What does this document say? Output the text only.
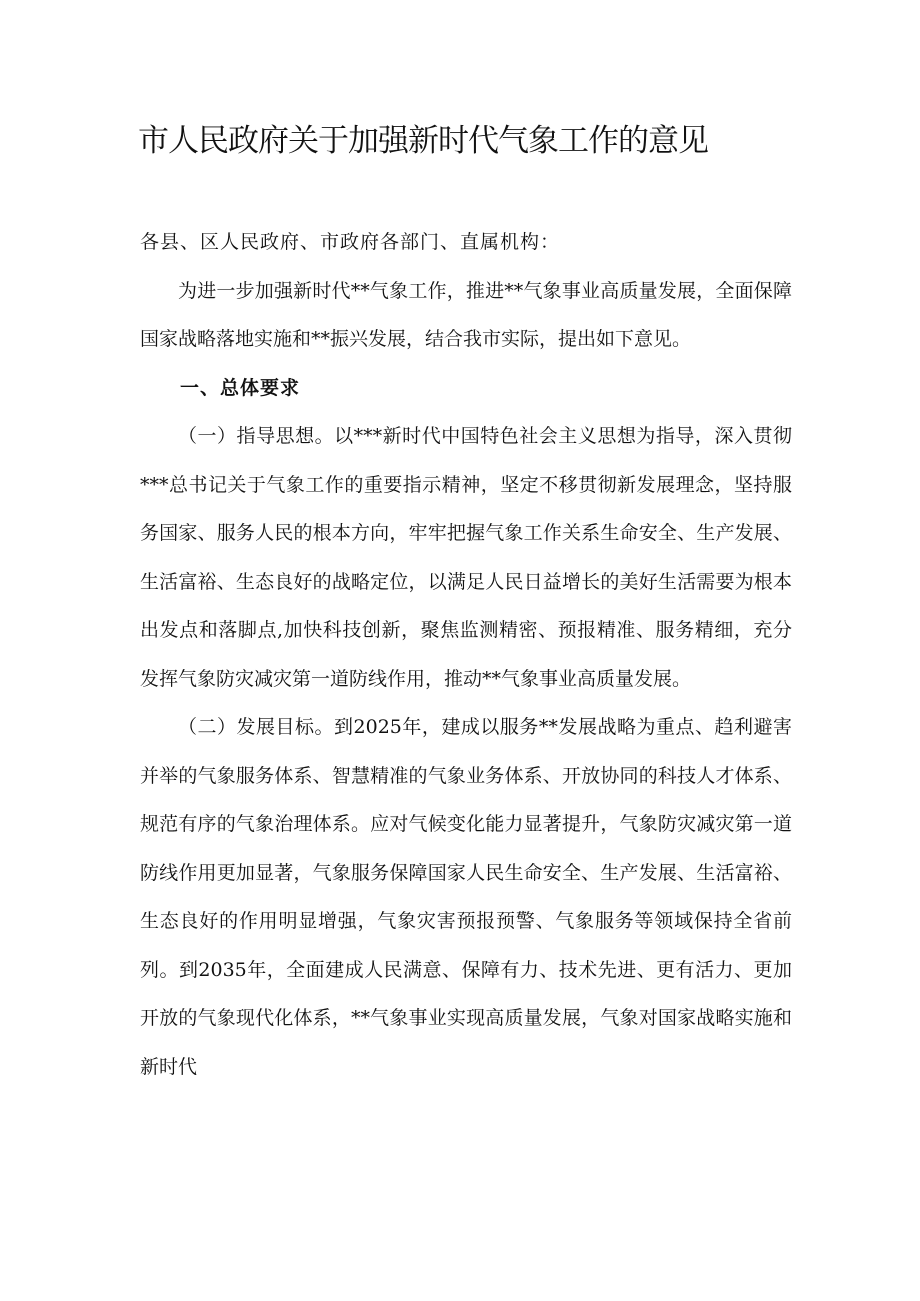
市人民政府关于加强新时代气象工作的意见

各县、区人民政府、市政府各部门、直属机构：

为进一步加强新时代**气象工作，推进**气象事业高质量发展，全面保障国家战略落地实施和**振兴发展，结合我市实际，提出如下意见。

一、总体要求

（一）指导思想。以***新时代中国特色社会主义思想为指导，深入贯彻***总书记关于气象工作的重要指示精神，坚定不移贯彻新发展理念，坚持服务国家、服务人民的根本方向，牢牢把握气象工作关系生命安全、生产发展、生活富裕、生态良好的战略定位，以满足人民日益增长的美好生活需要为根本出发点和落脚点,加快科技创新，聚焦监测精密、预报精准、服务精细，充分发挥气象防灾减灾第一道防线作用，推动**气象事业高质量发展。

（二）发展目标。到2025年，建成以服务**发展战略为重点、趋利避害并举的气象服务体系、智慧精准的气象业务体系、开放协同的科技人才体系、规范有序的气象治理体系。应对气候变化能力显著提升，气象防灾减灾第一道防线作用更加显著，气象服务保障国家人民生命安全、生产发展、生活富裕、生态良好的作用明显增强，气象灾害预报预警、气象服务等领域保持全省前列。到2035年，全面建成人民满意、保障有力、技术先进、更有活力、更加开放的气象现代化体系，**气象事业实现高质量发展，气象对国家战略实施和新时代
